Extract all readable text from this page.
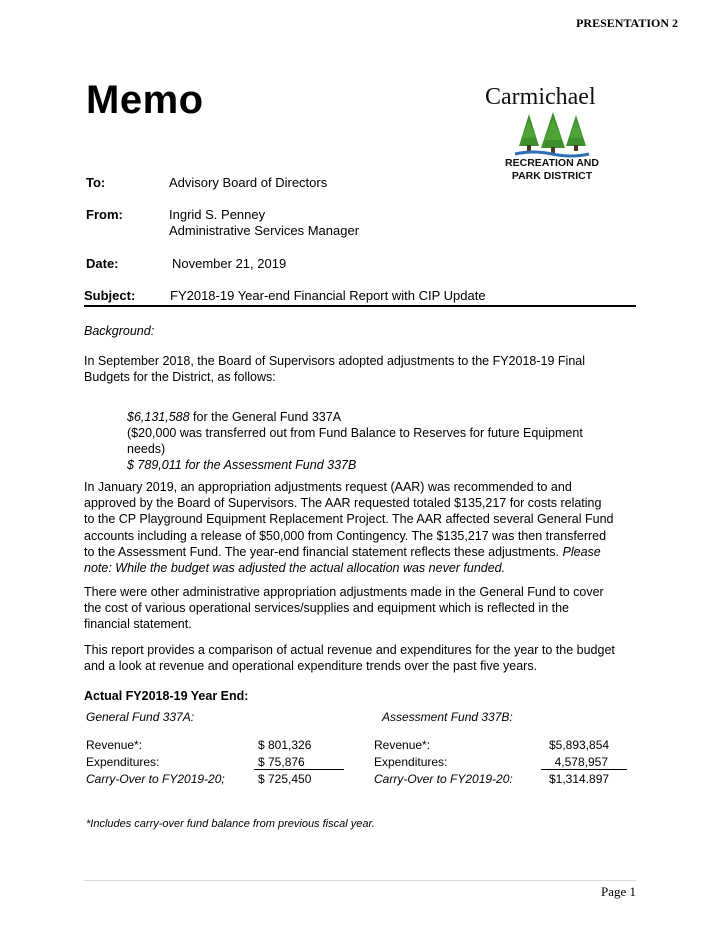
PRESENTATION 2
Memo	Carmichael
RECREATION AND
PARK DISTRICT
To:	Advisory Board of Directors
From:	Ingrid S. Penney
Administrative Services Manager
Date:	November 21, 2019
Subject:	FY2018-19 Year-end Financial Report with CIP Update
Background:
In September 2018, the Board of Supervisors adopted adjustments to the FY2018-19 Final
Budgets for the District, as follows:
$6,131,588 for the General Fund 337A
($20,000 was transferred out from Fund Balance to Reserves for future Equipment
needs)
$ 789,011 for the Assessment Fund 337B
In January 2019, an appropriation adjustments request (AAR) was recommended to and
approved by the Board of Supervisors. The AAR requested totaled $135,217 for costs relating
to the CP Playground Equipment Replacement Project. The AAR affected several General Fund
accounts including a release of $50,000 from Contingency. The $135,217 was then transferred
to the Assessment Fund. The year-end financial statement reflects these adjustments. Please
note: While the budget was adjusted the actual allocation was never funded.
There were other administrative appropriation adjustments made in the General Fund to cover
the cost of various operational services/supplies and equipment which is reflected in the
financial statement.
This report provides a comparison of actual revenue and expenditures for the year to the budget
and a look at revenue and operational expenditure trends over the past five years.
Actual FY2018-19 Year End:
General Fund 337A:	Assessment Fund 337B:
Revenue*:	$ 801,326
Expenditures:	$ 75,876
Carry-Over to FY2019-20;	$ 725,450
Revenue*:	$5,893,854
Expenditures:	4,578,957
Carry-Over to FY2019-20:	$1,314.897
*Includes carry-over fund balance from previous fiscal year.
Page 1
